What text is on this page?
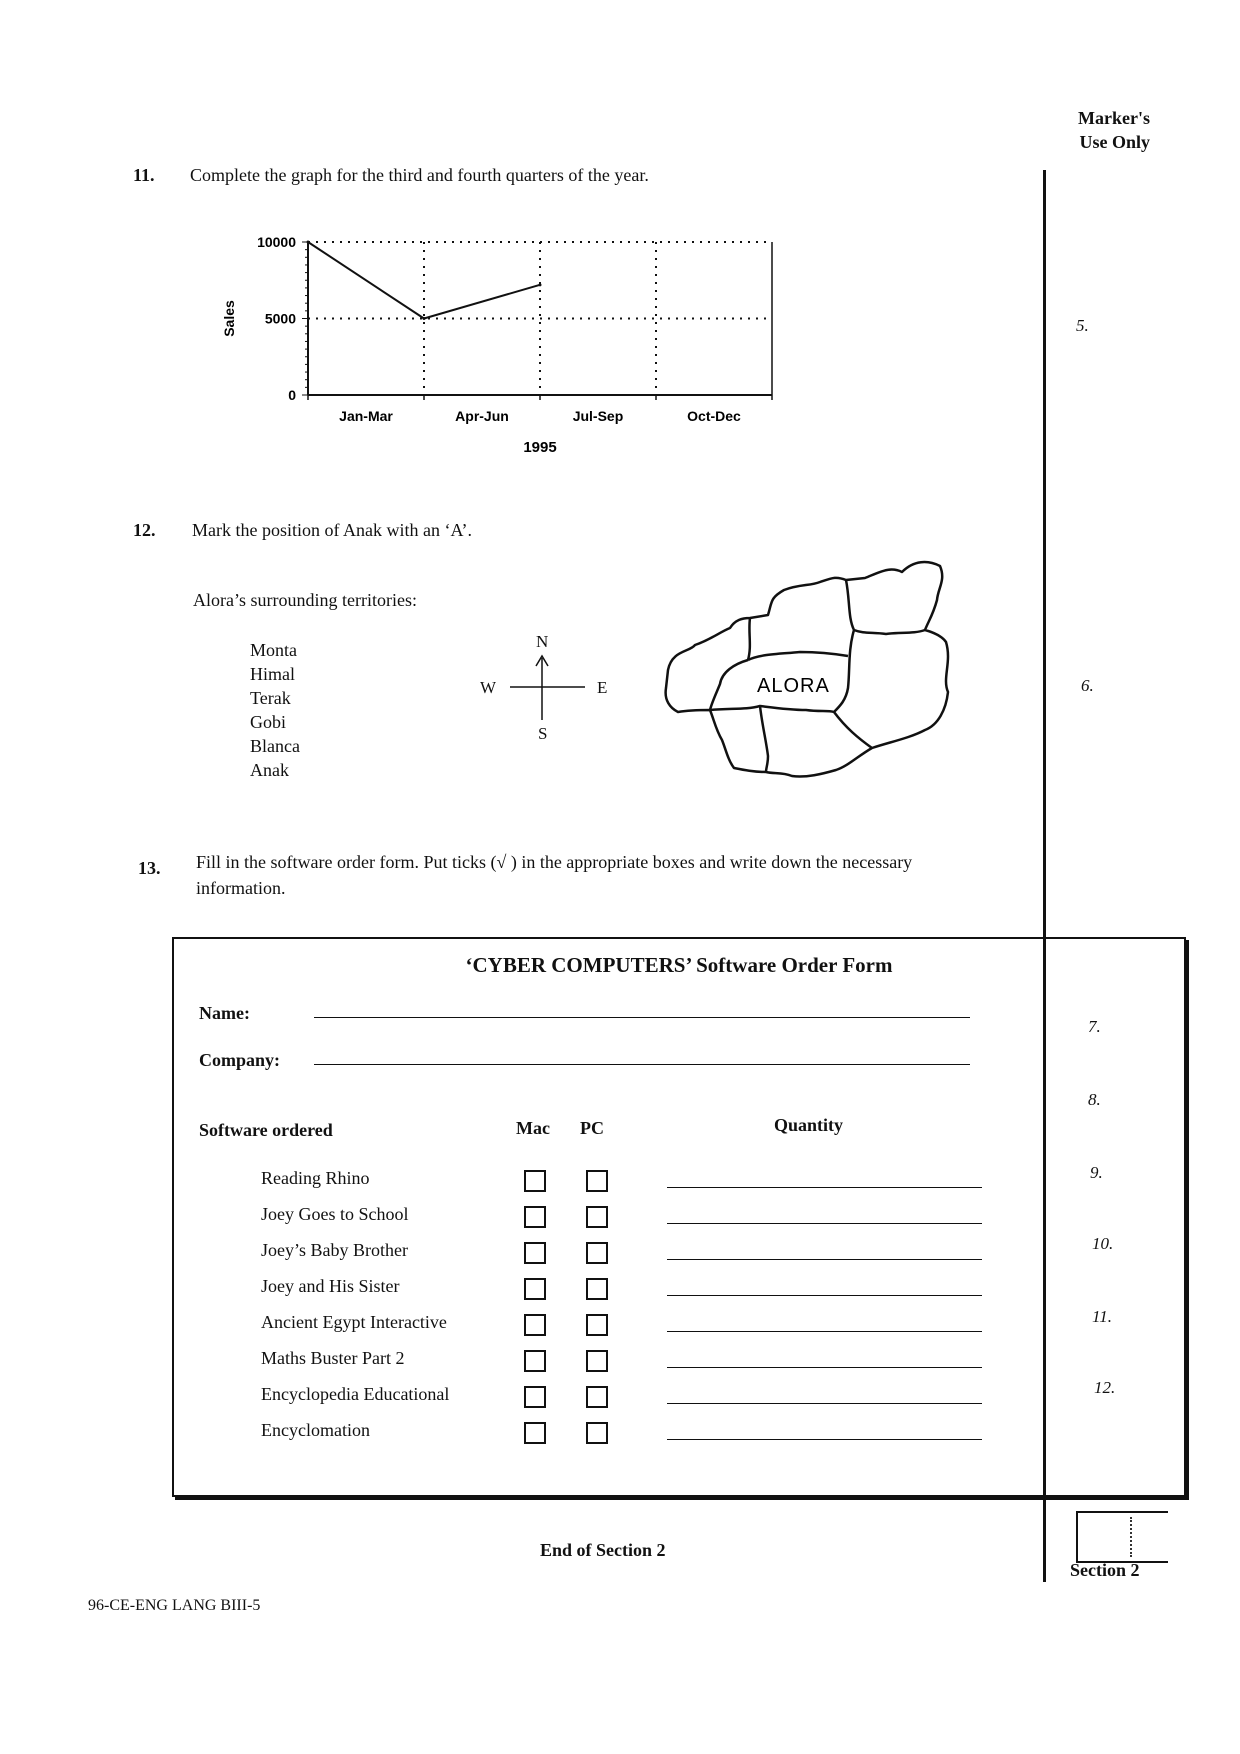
Marker's
Use Only
5.
6.
7.
8.
9.
10.
11.
12.
Section 2
11. Complete the graph for the third and fourth quarters of the year.
10000
5000
0
Jan-Mar	Apr-Jun	Jul-Sep	Oct-Dec
1995
Sales
12. Mark the position of Anak with an ‘A’.
Alora’s surrounding territories:
Monta
Himal
Terak
Gobi
Blanca
Anak
N
W	E
S
ALORA
13. Fill in the software order form. Put ticks (√ ) in the appropriate boxes and write down the necessary
information.
‘CYBER COMPUTERS’ Software Order Form
Name:
Company:
Software ordered	Mac PC	Quantity
Reading Rhino
Joey Goes to School
Joey’s Baby Brother
Joey and His Sister
Ancient Egypt Interactive
Maths Buster Part 2
Encyclopedia Educational
Encyclomation
End of Section 2
96-CE-ENG LANG BIII-5
